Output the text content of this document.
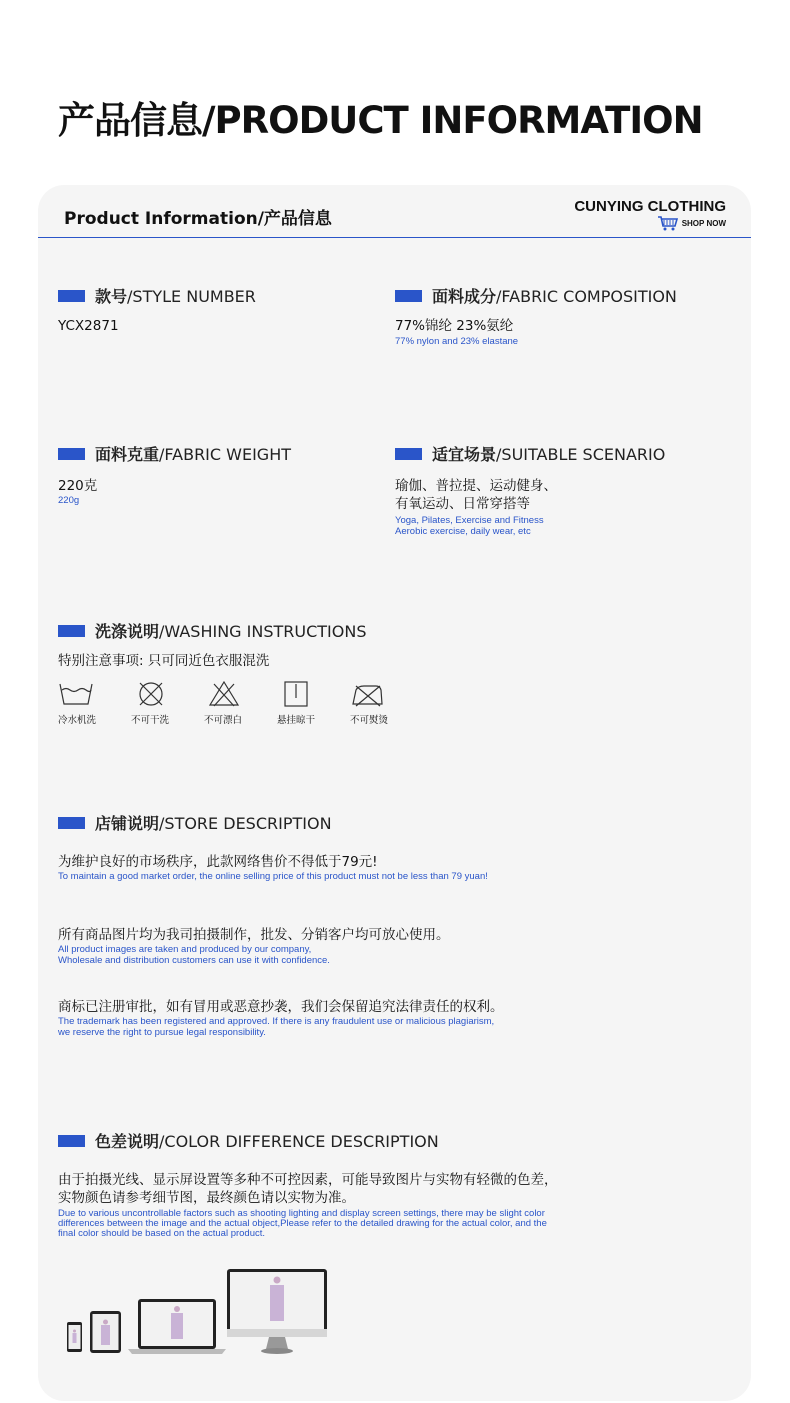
产品信息/PRODUCT INFORMATION
Product Information/产品信息
CUNYING CLOTHING
SHOP NOW
款号/STYLE NUMBER
YCX2871
面料成分/FABRIC COMPOSITION
77%锦纶 23%氨纶
77% nylon and 23% elastane
面料克重/FABRIC WEIGHT
220克
220g
适宜场景/SUITABLE SCENARIO
瑜伽、普拉提、运动健身、
有氧运动、日常穿搭等
Yoga, Pilates, Exercise and Fitness
Aerobic exercise, daily wear, etc
洗涤说明/WASHING INSTRUCTIONS
特别注意事项: 只可同近色衣服混洗
冷水机洗	不可干洗	不可漂白	悬挂晾干	不可熨烫
店铺说明/STORE DESCRIPTION
为维护良好的市场秩序，此款网络售价不得低于79元!
To maintain a good market order, the online selling price of this product must not be less than 79 yuan!
所有商品图片均为我司拍摄制作，批发、分销客户均可放心使用。
All product images are taken and produced by our company,
Wholesale and distribution customers can use it with confidence.
商标已注册审批，如有冒用或恶意抄袭，我们会保留追究法律责任的权利。
The trademark has been registered and approved. If there is any fraudulent use or malicious plagiarism,
we reserve the right to pursue legal responsibility.
色差说明/COLOR DIFFERENCE DESCRIPTION
由于拍摄光线、显示屏设置等多种不可控因素，可能导致图片与实物有轻微的色差，
实物颜色请参考细节图，最终颜色请以实物为准。
Due to various uncontrollable factors such as shooting lighting and display screen settings, there may be slight color
differences between the image and the actual object,Please refer to the detailed drawing for the actual color, and the
final color should be based on the actual product.
